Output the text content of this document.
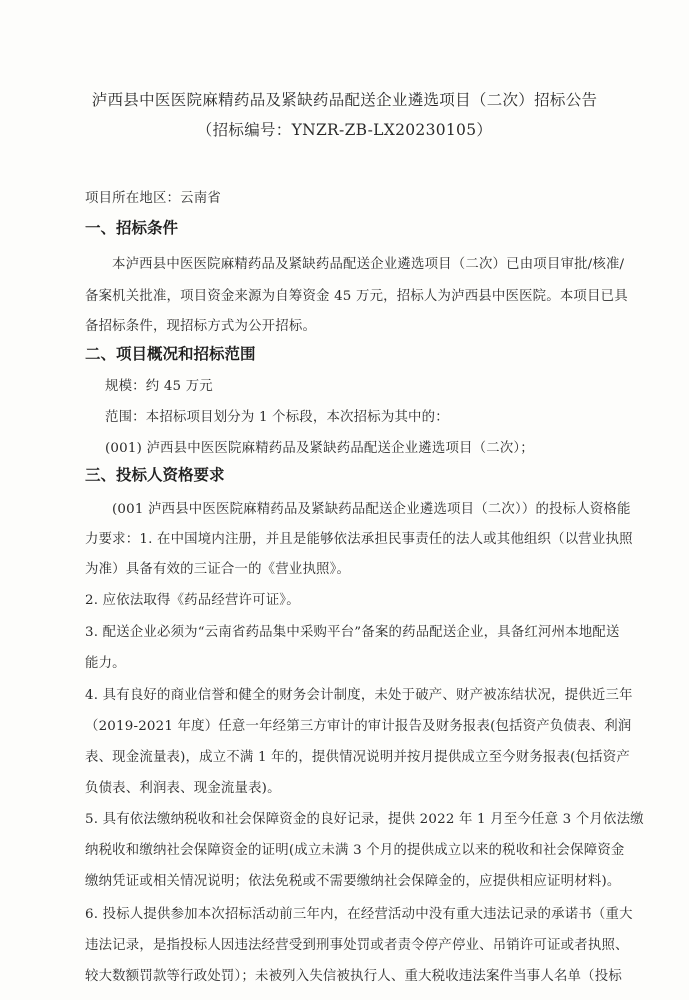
泸西县中医医院麻精药品及紧缺药品配送企业遴选项目（二次）招标公告
（招标编号：YNZR-ZB-LX20230105）
项目所在地区：云南省
一、招标条件
本泸西县中医医院麻精药品及紧缺药品配送企业遴选项目（二次）已由项目审批/核准/
备案机关批准，项目资金来源为自筹资金 45 万元，招标人为泸西县中医医院。本项目已具
备招标条件，现招标方式为公开招标。
二、项目概况和招标范围
规模：约 45 万元
范围：本招标项目划分为 1 个标段，本次招标为其中的：
(001) 泸西县中医医院麻精药品及紧缺药品配送企业遴选项目（二次）；
三、投标人资格要求
(001 泸西县中医医院麻精药品及紧缺药品配送企业遴选项目（二次））的投标人资格能
力要求：1. 在中国境内注册，并且是能够依法承担民事责任的法人或其他组织（以营业执照
为准）具备有效的三证合一的《营业执照》。
2. 应依法取得《药品经营许可证》。
3. 配送企业必须为“云南省药品集中采购平台”备案的药品配送企业，具备红河州本地配送
能力。
4. 具有良好的商业信誉和健全的财务会计制度，未处于破产、财产被冻结状况，提供近三年
（2019-2021 年度）任意一年经第三方审计的审计报告及财务报表(包括资产负债表、利润
表、现金流量表)，成立不满 1 年的，提供情况说明并按月提供成立至今财务报表(包括资产
负债表、利润表、现金流量表)。
5. 具有依法缴纳税收和社会保障资金的良好记录，提供 2022 年 1 月至今任意 3 个月依法缴
纳税收和缴纳社会保障资金的证明(成立未满 3 个月的提供成立以来的税收和社会保障资金
缴纳凭证或相关情况说明；依法免税或不需要缴纳社会保障金的，应提供相应证明材料)。
6. 投标人提供参加本次招标活动前三年内，在经营活动中没有重大违法记录的承诺书（重大
违法记录，是指投标人因违法经营受到刑事处罚或者责令停产停业、吊销许可证或者执照、
较大数额罚款等行政处罚）；未被列入失信被执行人、重大税收违法案件当事人名单（投标
